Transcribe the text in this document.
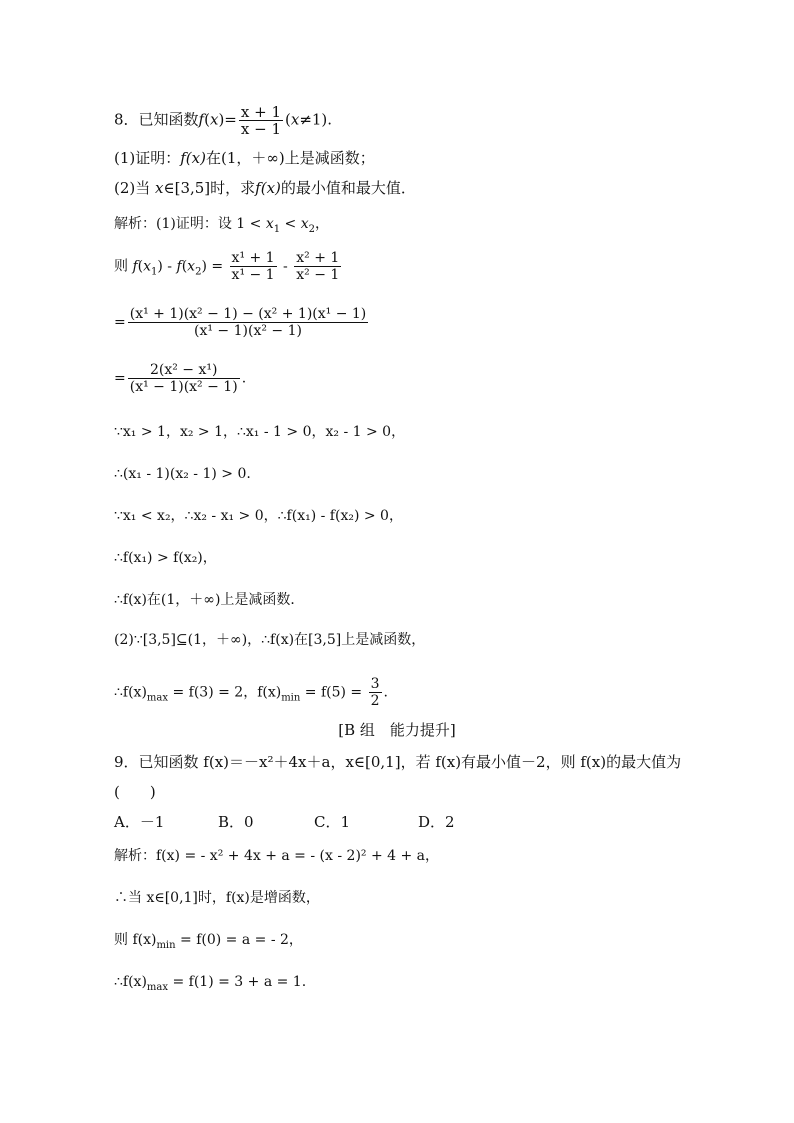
8．已知函数$f(x)= \frac{x + 1}{x - 1} (x\ne 1)$.
(1)证明：f(x)在(1，＋∞)上是减函数；
(2)当 x∈[3,5]时，求f(x)的最小值和最大值．
解析：(1)证明：设 $1 < x_1 < x_2$，
则 $f(x_1) - f(x_2) = \frac{\text{x¹ + 1}}{\text{x¹ − 1}} - \frac{\text{x² + 1}}{\text{x² − 1}}$
= $\frac{\text{(x¹ + 1)(x² − 1) − (x² + 1)(x¹ − 1)}}{\text{(x¹ − 1)(x² − 1)}}$
= $\frac{\text{2(x² − x¹)}}{\text{(x¹ − 1)(x² − 1)}}$ .
∵x₁ > 1，x₂ > 1，∴x₁ - 1 > 0，x₂ - 1 > 0，
∴(x₁ - 1)(x₂ - 1) > 0.
∵x₁ < x₂，∴x₂ - x₁ > 0，∴f(x₁) - f(x₂) > 0，
∴f(x₁) > f(x₂)，
∴f(x)在(1，＋∞)上是减函数．
(2)∵[3,5]⊆(1，＋∞)，∴f(x)在[3,5]上是减函数，
$\therefore f(x)_{max} = f(3) = 2$，$f(x)_{min} = f(5) = \frac{3}{2}$ .
[B 组　能力提升]
9．已知函数 f(x)＝－x²＋4x＋a，x∈[0,1]，若 f(x)有最小值－2，则 f(x)的最大值为
(　　)
A．－1	B．0	C．1	D．2
解析：f(x) = - x² + 4x + a = - (x - 2)² + 4 + a，
∴当 x∈[0,1]时，f(x)是增函数，
则 $f(x)_{min} = f(0) = a$ = - 2，
$\therefore f(x)_{max} = f(1) = 3 + a = 1$.
